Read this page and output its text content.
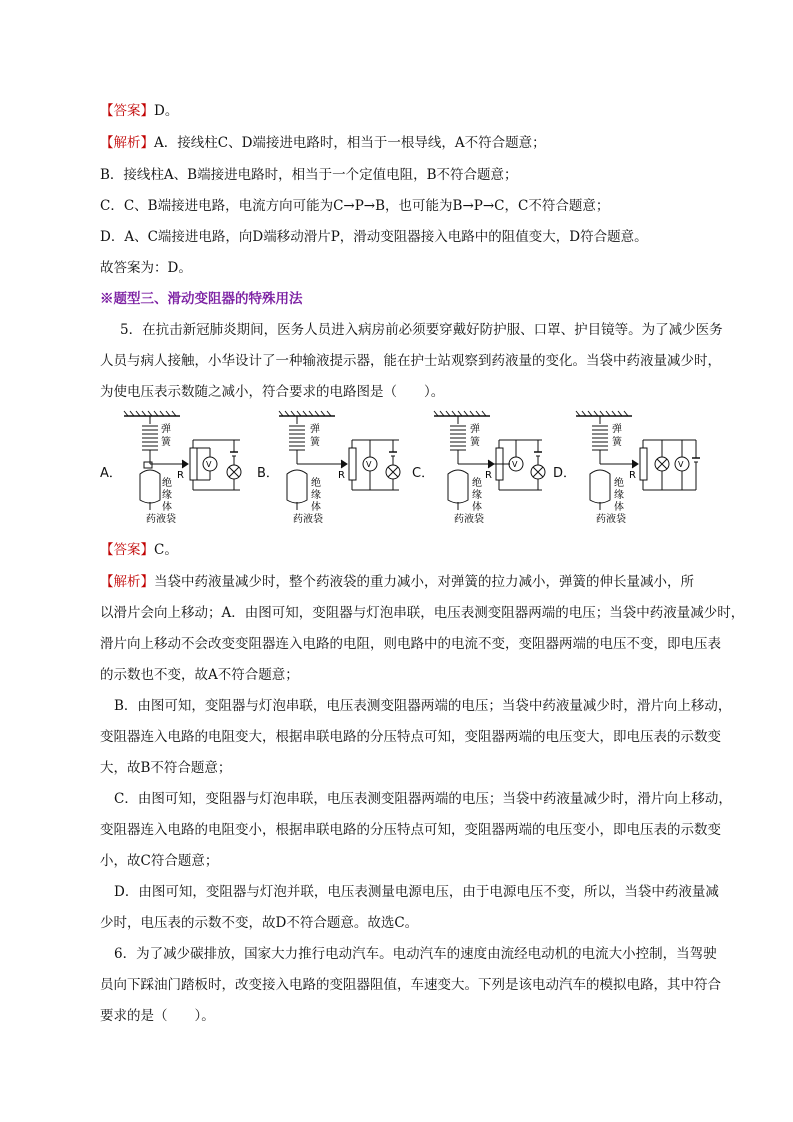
【答案】D。
【解析】A．接线柱C、D端接进电路时，相当于一根导线，A不符合题意；
B．接线柱A、B端接进电路时，相当于一个定值电阻，B不符合题意；
C．C、B端接进电路，电流方向可能为C→P→B，也可能为B→P→C，C不符合题意；
D．A、C端接进电路，向D端移动滑片P，滑动变阻器接入电路中的阻值变大，D符合题意。
故答案为：D。
※题型三、滑动变阻器的特殊用法
5．在抗击新冠肺炎期间，医务人员进入病房前必须要穿戴好防护服、口罩、护目镜等。为了减少医务
人员与病人接触，小华设计了一种输液提示器，能在护士站观察到药液量的变化。当袋中药液量减少时，
为使电压表示数随之减小，符合要求的电路图是（　　）。
A．	B．	C．	D．
弹
簧
R
V
绝
缘
体
药液袋
弹
簧
R
V
绝
缘
体
药液袋
弹
簧
R
V
绝
缘
体
药液袋
弹
簧
R
V
绝
缘
体
药液袋
【答案】C。
【解析】当袋中药液量减少时，整个药液袋的重力减小，对弹簧的拉力减小，弹簧的伸长量减小，所
以滑片会向上移动；A．由图可知，变阻器与灯泡串联，电压表测变阻器两端的电压；当袋中药液量减少时，
滑片向上移动不会改变变阻器连入电路的电阻，则电路中的电流不变，变阻器两端的电压不变，即电压表
的示数也不变，故A不符合题意；
B．由图可知，变阻器与灯泡串联，电压表测变阻器两端的电压；当袋中药液量减少时，滑片向上移动，
变阻器连入电路的电阻变大，根据串联电路的分压特点可知，变阻器两端的电压变大，即电压表的示数变
大，故B不符合题意；
C．由图可知，变阻器与灯泡串联，电压表测变阻器两端的电压；当袋中药液量减少时，滑片向上移动，
变阻器连入电路的电阻变小，根据串联电路的分压特点可知，变阻器两端的电压变小，即电压表的示数变
小，故C符合题意；
D．由图可知，变阻器与灯泡并联，电压表测量电源电压，由于电源电压不变，所以，当袋中药液量减
少时，电压表的示数不变，故D不符合题意。故选C。
6．为了减少碳排放，国家大力推行电动汽车。电动汽车的速度由流经电动机的电流大小控制，当驾驶
员向下踩油门踏板时，改变接入电路的变阻器阻值，车速变大。下列是该电动汽车的模拟电路，其中符合
要求的是（　　）。
